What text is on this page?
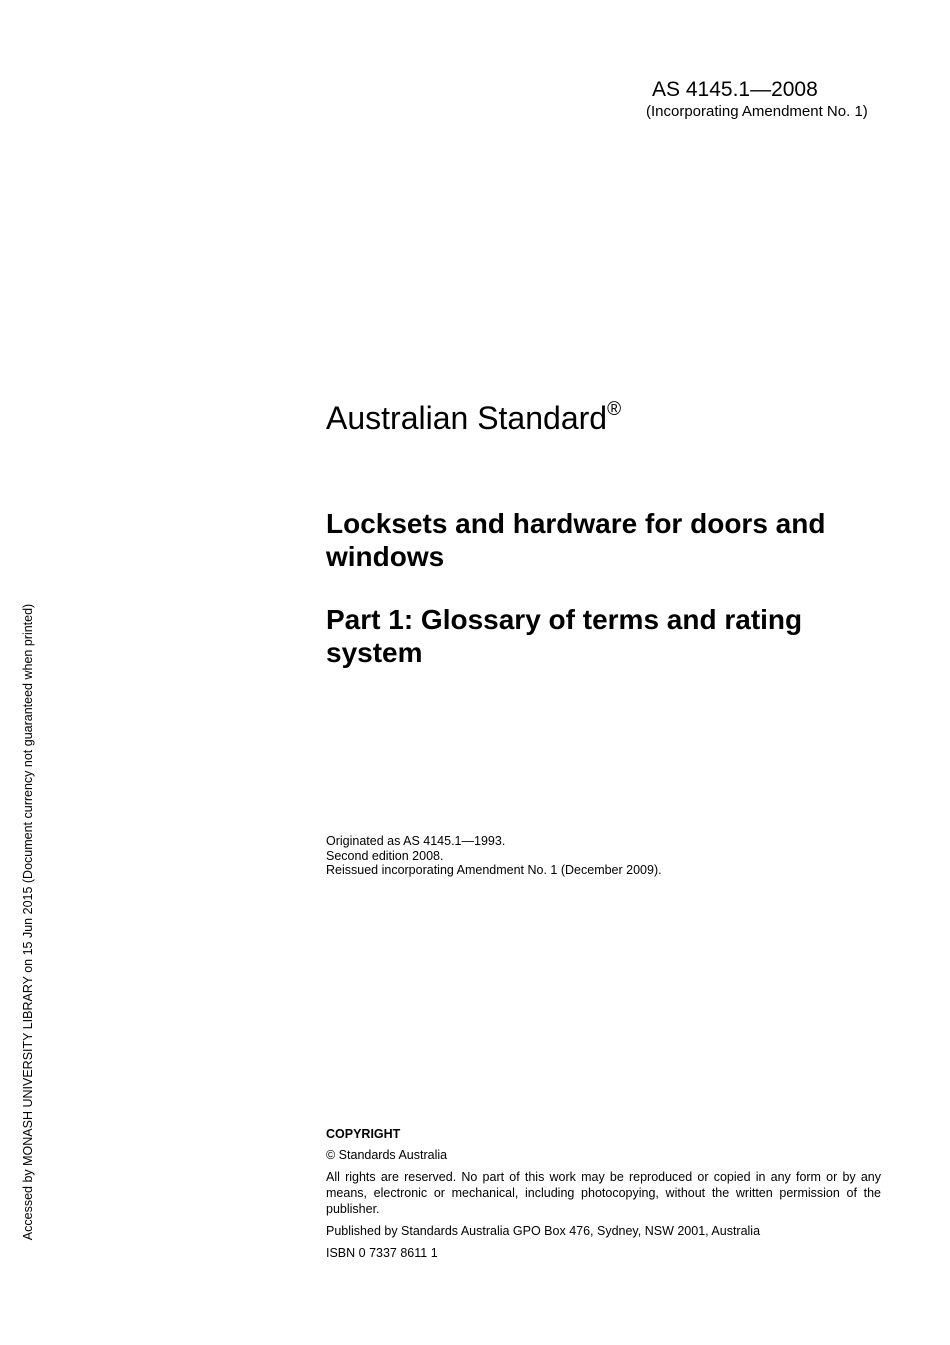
AS 4145.1—2008
(Incorporating Amendment No. 1)
Australian Standard®
Locksets and hardware for doors and windows
Part 1: Glossary of terms and rating system
Originated as AS 4145.1—1993.
Second edition 2008.
Reissued incorporating Amendment No. 1 (December 2009).
COPYRIGHT
© Standards Australia
All rights are reserved. No part of this work may be reproduced or copied in any form or by any means, electronic or mechanical, including photocopying, without the written permission of the publisher.
Published by Standards Australia GPO Box 476, Sydney, NSW 2001, Australia
ISBN 0 7337 8611 1
Accessed by MONASH UNIVERSITY LIBRARY on 15 Jun 2015 (Document currency not guaranteed when printed)
